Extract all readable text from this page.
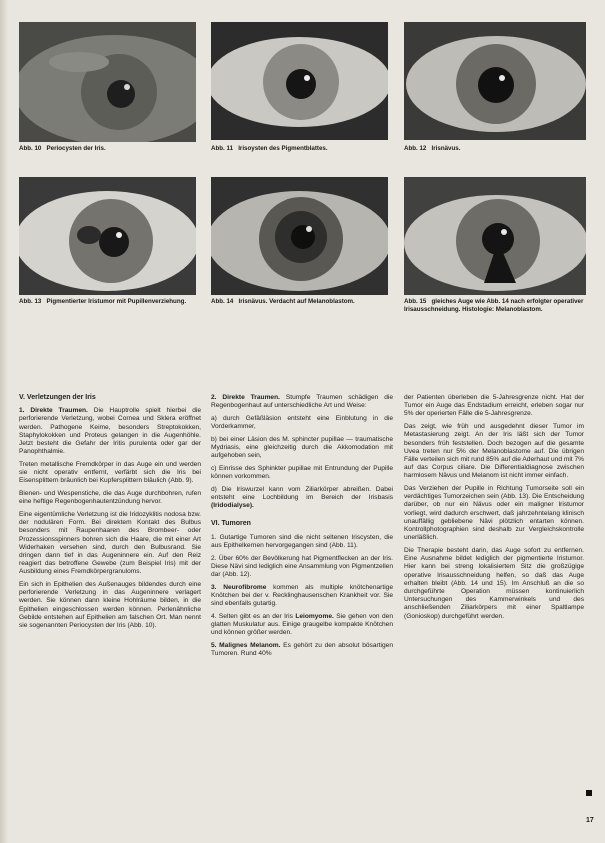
Abb. 10 Periocysten der Iris.	Abb. 11 Irisoysten des Pigmentblattes.	Abb. 12 Irisnävus.
Abb. 13 Pigmentierter Iristumor mit Pupillenverziehung.	Abb. 14 Irisnävus. Verdacht auf Melanoblastom.	Abb. 15 gleiches Auge wie Abb. 14 nach erfolgter operativer Irisausschneidung. Histologie: Melanoblastom.
V. Verletzungen der Iris

1. Direkte Traumen. Die Hauptrolle spielt hierbei die perforierende Verletzung, wobei Cornea und Sklera eröffnet werden. Pathogene Keime, besonders Streptokokken, Staphylokokken und Proteus gelangen in die Augenhöhle. Jetzt besteht die Gefahr der Iritis purulenta oder gar der Panophthalmie.

Treten metallische Fremdkörper in das Auge ein und werden sie nicht operativ entfernt, verfärbt sich die Iris bei Eisensplittern bräunlich bei Kupfersplittern bläulich (Abb. 9).

Bienen- und Wespenstiche, die das Auge durchbohren, rufen eine heftige Regenbogenhautentzündung hervor.

Eine eigentümliche Verletzung ist die Iridozyklitis nodosa bzw. der nodulären Form. Bei direktem Kontakt des Bulbus besonders mit Raupenhaaren des Brombeer- oder Prozessionsspinners bohren sich die Haare, die mit einer Art Widerhaken versehen sind, durch den Bulbusrand. Sie dringen dann tief in das Augeninnere ein. Auf den Reiz reagiert das betroffene Gewebe (zum Beispiel Iris) mit der Ausbildung eines Fremdkörpergranuloms.

Ein sich in Epithelien des Außenauges bildendes durch eine perforierende Verletzung in das Augeninnere verlagert werden. Sie können dann kleine Hohlräume bilden, in die Epithelien eingeschlossen werden können. Perlenähnliche Gebilde entstehen auf Epithelien am falschen Ort. Man nennt sie sogenannten Periocysten der Iris (Abb. 10).

2. Direkte Traumen. Stumpfe Traumen schädigen die Regenbogenhaut auf unterschiedliche Art und Weise:

a) durch Gefäßläsion entsteht eine Einblutung in die Vorderkammer,

b) bei einer Läsion des M. sphincter pupillae — traumatische Mydriasis, eine gleichzeitig durch die Akkomodation mit aufgehoben sein,

c) Einrisse des Sphinkter pupillae mit Entrundung der Pupille können vorkommen.

d) Die Iriswurzel kann vom Ziliarkörper abreißen. Dabei entsteht eine Lochbildung im Bereich der Irisbasis (Iridodialyse).

VI. Tumoren

1. Gutartige Tumoren sind die nicht seltenen Iriscysten, die aus Epithelkernen hervorgegangen sind (Abb. 11).

2. Über 60% der Bevölkerung hat Pigmentflecken an der Iris. Diese Nävi sind lediglich eine Ansammlung von Pigmentzellen dar (Abb. 12).

3. Neurofibrome kommen als multiple knötchenartige Knötchen bei der v. Recklinghausenschen Krankheit vor. Sie sind ebenfalls gutartig.

4. Selten gibt es an der Iris Leiomyome. Sie gehen von den glatten Muskulatur aus. Einige graugelbe kompakte Knötchen und können größer werden.

5. Malignes Melanom. Es gehört zu den absolut bösartigen Tumoren. Rund 40%

der Patienten überleben die 5-Jahresgrenze nicht. Hat der Tumor ein Auge das Endstadium erreicht, erleben sogar nur 5% der operierten Fälle die 5-Jahresgrenze.

Das zeigt, wie früh und ausgedehnt dieser Tumor im Metastasierung zeigt. An der Iris läßt sich der Tumor besonders früh feststellen. Doch bezogen auf die gesamte Uvea treten nur 5% der Melanoblastome auf. Die übrigen Fälle verteilen sich mit rund 85% auf die Aderhaut und mit 7% auf das Corpus ciliare. Die Differentialdiagnose zwischen harmlosem Nävus und Melanom ist nicht immer einfach.

Das Verziehen der Pupille in Richtung Tumorseite soll ein verdächtiges Tumorzeichen sein (Abb. 13). Die Entscheidung darüber, ob nur ein Nävus oder ein maligner Iristumor vorliegt, wird dadurch erschwert, daß jahrzehntelang klinisch unauffällig gebliebene Nävi plötzlich entarten können. Kontrollphotographien sind deshalb zur Vergleichskontrolle unerläßlich.

Die Therapie besteht darin, das Auge sofort zu entfernen. Eine Ausnahme bildet lediglich der pigmentierte Iristumor. Hier kann bei streng lokalisiertem Sitz die großzügige operative Irisausschneidung helfen, so daß das Auge erhalten bleibt (Abb. 14 und 15). Im Anschluß an die so durchgeführte Operation müssen kontinuierlich Untersuchungen des Kammerwinkels und des anschließenden Ziliarkörpers mit einer Spaltlampe (Gonioskop) durchgeführt werden.

17
